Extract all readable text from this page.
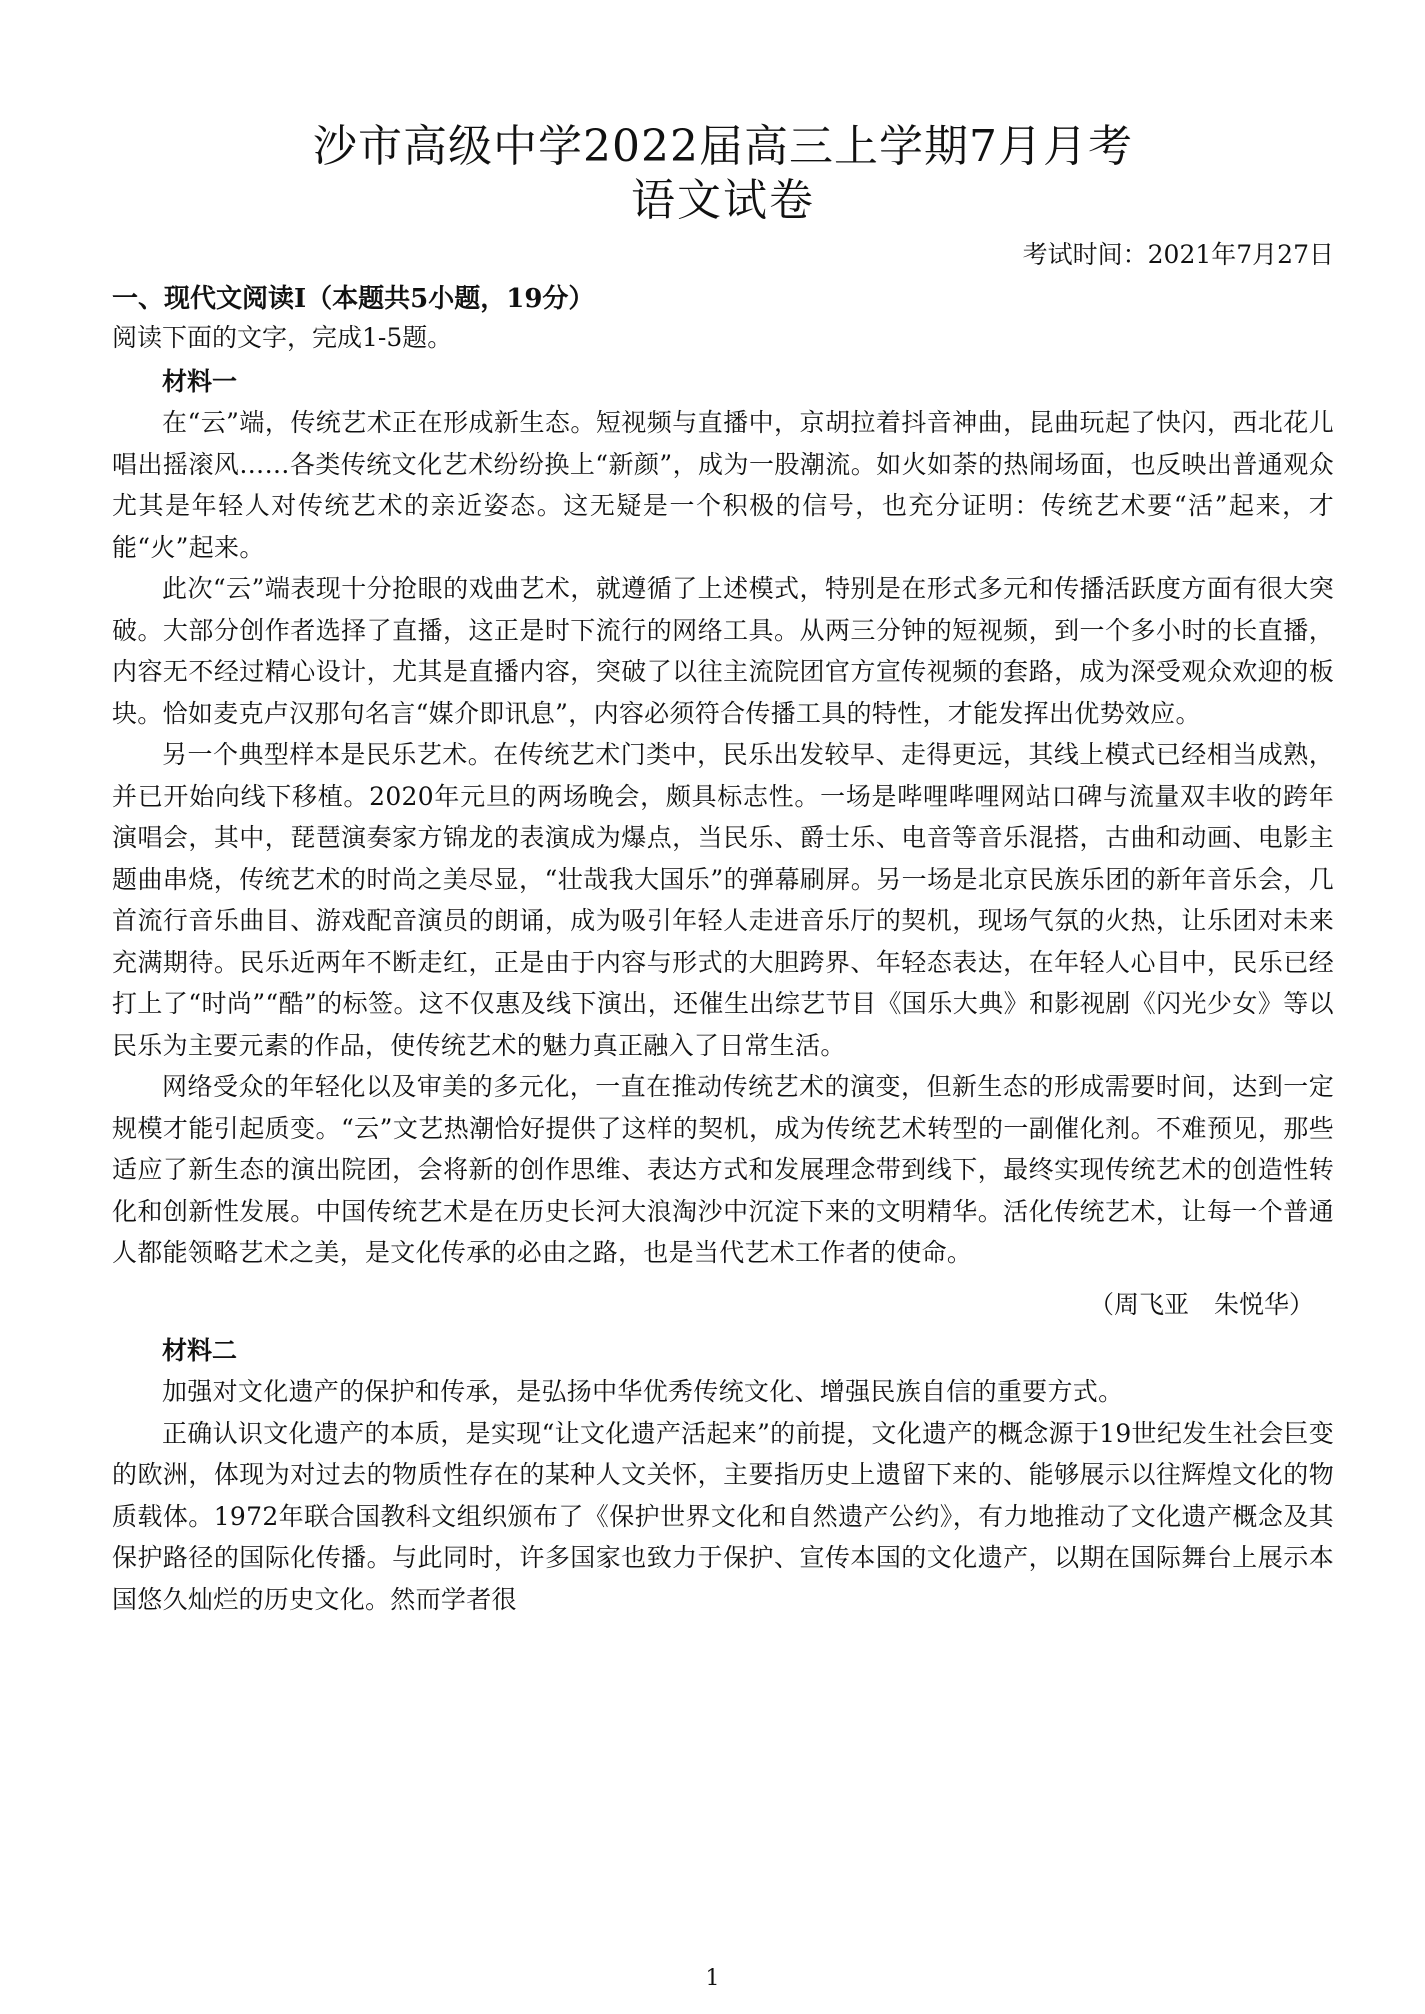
沙市高级中学2022届高三上学期7月月考
语文试卷

考试时间：2021年7月27日

一、现代文阅读Ⅰ（本题共5小题，19分）

阅读下面的文字，完成1-5题。

材料一

在“云”端，传统艺术正在形成新生态。短视频与直播中，京胡拉着抖音神曲，昆曲玩起了快闪，西北花儿唱出摇滚风……各类传统文化艺术纷纷换上“新颜”，成为一股潮流。如火如荼的热闹场面，也反映出普通观众尤其是年轻人对传统艺术的亲近姿态。这无疑是一个积极的信号，也充分证明：传统艺术要“活”起来，才能“火”起来。

此次“云”端表现十分抢眼的戏曲艺术，就遵循了上述模式，特别是在形式多元和传播活跃度方面有很大突破。大部分创作者选择了直播，这正是时下流行的网络工具。从两三分钟的短视频，到一个多小时的长直播，内容无不经过精心设计，尤其是直播内容，突破了以往主流院团官方宣传视频的套路，成为深受观众欢迎的板块。恰如麦克卢汉那句名言“媒介即讯息”，内容必须符合传播工具的特性，才能发挥出优势效应。

另一个典型样本是民乐艺术。在传统艺术门类中，民乐出发较早、走得更远，其线上模式已经相当成熟，并已开始向线下移植。2020年元旦的两场晚会，颇具标志性。一场是哔哩哔哩网站口碑与流量双丰收的跨年演唱会，其中，琵琶演奏家方锦龙的表演成为爆点，当民乐、爵士乐、电音等音乐混搭，古曲和动画、电影主题曲串烧，传统艺术的时尚之美尽显，“壮哉我大国乐”的弹幕刷屏。另一场是北京民族乐团的新年音乐会，几首流行音乐曲目、游戏配音演员的朗诵，成为吸引年轻人走进音乐厅的契机，现场气氛的火热，让乐团对未来充满期待。民乐近两年不断走红，正是由于内容与形式的大胆跨界、年轻态表达，在年轻人心目中，民乐已经打上了“时尚”“酷”的标签。这不仅惠及线下演出，还催生出综艺节目《国乐大典》和影视剧《闪光少女》等以民乐为主要元素的作品，使传统艺术的魅力真正融入了日常生活。

网络受众的年轻化以及审美的多元化，一直在推动传统艺术的演变，但新生态的形成需要时间，达到一定规模才能引起质变。“云”文艺热潮恰好提供了这样的契机，成为传统艺术转型的一副催化剂。不难预见，那些适应了新生态的演出院团，会将新的创作思维、表达方式和发展理念带到线下，最终实现传统艺术的创造性转化和创新性发展。中国传统艺术是在历史长河大浪淘沙中沉淀下来的文明精华。活化传统艺术，让每一个普通人都能领略艺术之美，是文化传承的必由之路，也是当代艺术工作者的使命。

（周飞亚　朱悦华）

材料二

加强对文化遗产的保护和传承，是弘扬中华优秀传统文化、增强民族自信的重要方式。

正确认识文化遗产的本质，是实现“让文化遗产活起来”的前提，文化遗产的概念源于19世纪发生社会巨变的欧洲，体现为对过去的物质性存在的某种人文关怀，主要指历史上遗留下来的、能够展示以往辉煌文化的物质载体。1972年联合国教科文组织颁布了《保护世界文化和自然遗产公约》，有力地推动了文化遗产概念及其保护路径的国际化传播。与此同时，许多国家也致力于保护、宣传本国的文化遗产，以期在国际舞台上展示本国悠久灿烂的历史文化。然而学者很

1
